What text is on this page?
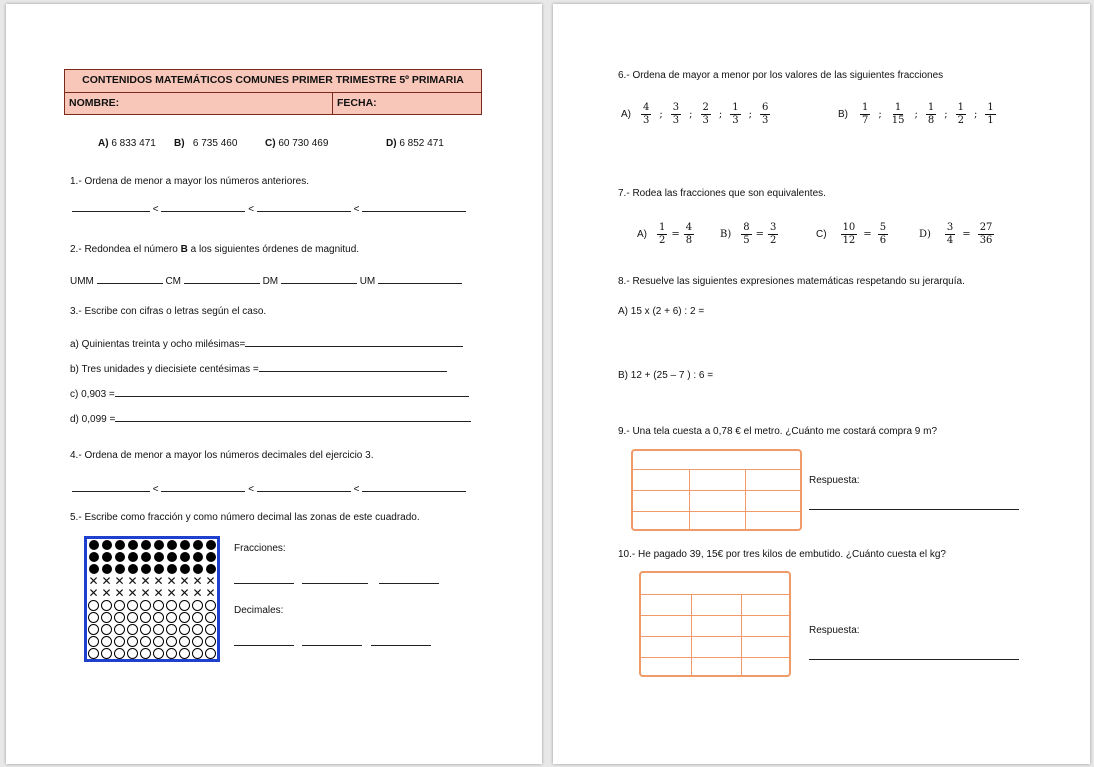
CONTENIDOS MATEMÁTICOS COMUNES PRIMER TRIMESTRE 5º PRIMARIA
NOMBRE:	FECHA:
A) 6 833 471 B) 6 735 460	C) 60 730 469	D) 6 852 471
1.- Ordena de menor a mayor los números anteriores.
<	<	<
2.- Redondea el número B a los siguientes órdenes de magnitud.
UMM	CM	DM	UM
3.- Escribe con cifras o letras según el caso.
a) Quinientas treinta y ocho milésimas=
b) Tres unidades y diecisiete centésimas =
c) 0,903 =
d) 0,099 =
4.- Ordena de menor a mayor los números decimales del ejercicio 3.
<	<	<
5.- Escribe como fracción y como número decimal las zonas de este cuadrado.
✕ ✕ ✕ ✕ ✕ ✕ ✕ ✕ ✕ ✕
✕ ✕ ✕ ✕ ✕ ✕ ✕ ✕ ✕ ✕
Fracciones:

Decimales:

6.- Ordena de mayor a menor por los valores de las siguientes fracciones
$A) \frac{4}{3}$ ; $\frac{3}{3}$ ; $\frac{2}{3}$ ; $\frac{1}{3}$ ; $\frac{6}{3}$	$B) \frac{1}{7}$ ; $\frac{1}{15}$ ; $\frac{1}{8}$ ; $\frac{1}{2}$ ; $\frac{1}{1}$
7.- Rodea las fracciones que son equivalentes.
$A) \frac{1}{2} = \frac{4}{8}$	$B) \frac{8}{5} = \frac{3}{2}$	$C) \frac{10}{12} = \frac{5}{6}$	$D) \frac{3}{4} = \frac{27}{36}$
8.- Resuelve las siguientes expresiones matemáticas respetando su jerarquía.
A) 15 x (2 + 6) : 2 =
B) 12 + (25 – 7 ) : 6 =
9.- Una tela cuesta a 0,78 € el metro. ¿Cuánto me costará compra 9 m?
Respuesta:
10.- He pagado 39, 15€ por tres kilos de embutido. ¿Cuánto cuesta el kg?
Respuesta:
